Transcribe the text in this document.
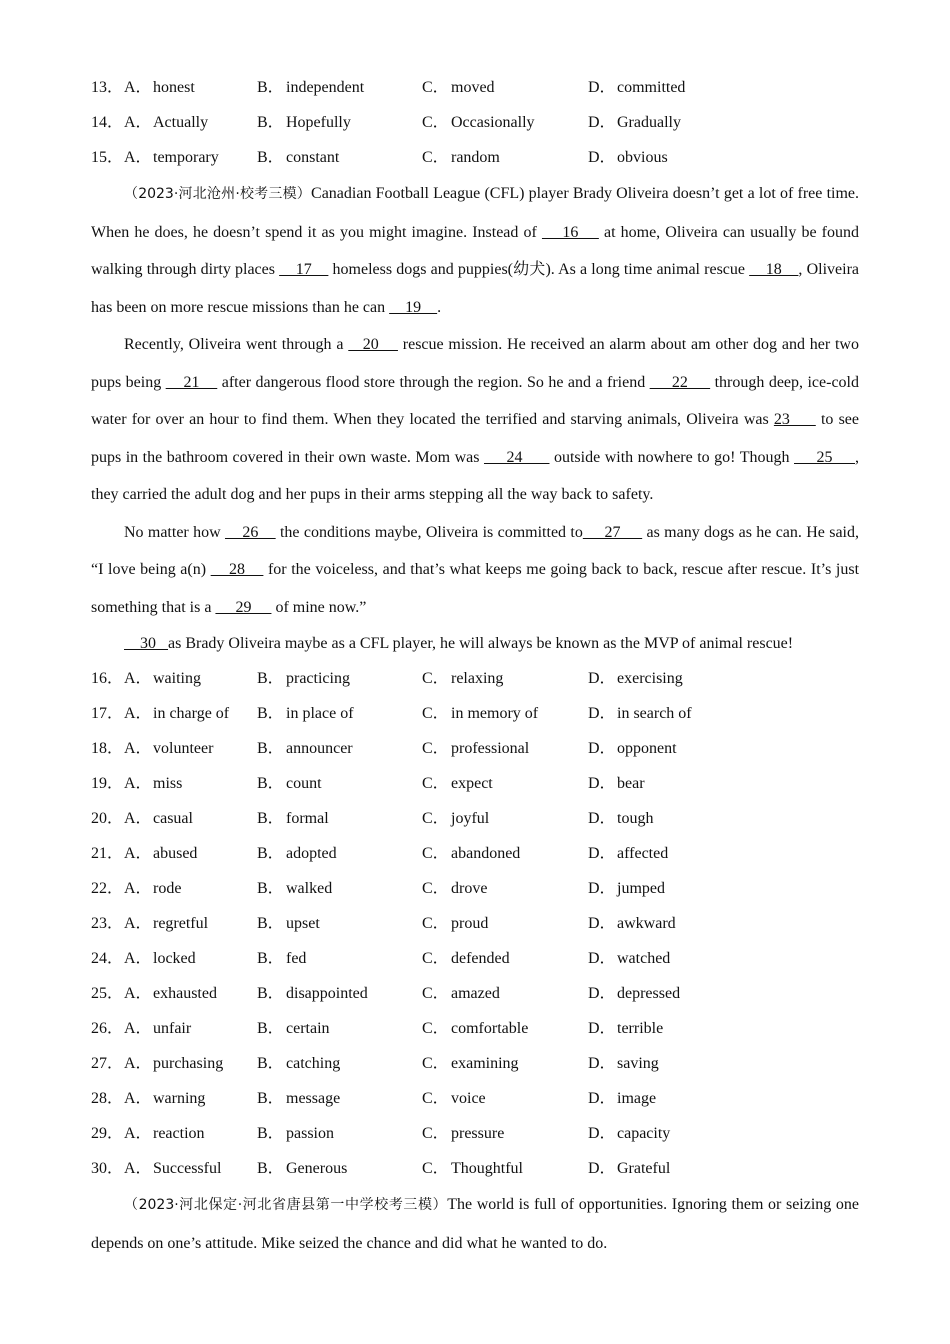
13． A．honest	B． independent	C． moved	D．committed
14． A．Actually	B． Hopefully	C． Occasionally	D．Gradually
15． A．temporary B． constant	C． random	D．obvious

（2023·河北沧州·校考三模）Canadian Football League (CFL) player Brady Oliveira doesn’t get a lot of free time. When he does, he doesn’t spend it as you might imagine. Instead of     16     at home, Oliveira can usually be found walking through dirty places     17     homeless dogs and puppies(幼犬). As a long time animal rescue     18    , Oliveira has been on more rescue missions than he can     19    .

Recently, Oliveira went through a    20     rescue mission. He received an alarm about am other dog and her two pups being     21     after dangerous flood store through the region. So he and a friend      22      through deep, ice-cold water for over an hour to find them. When they located the terrified and starving animals, Oliveira was 23      to see pups in the bathroom covered in their own waste. Mom was      24       outside with nowhere to go! Though      25     , they carried the adult dog and her pups in their arms stepping all the way back to safety.

No matter how     26     the conditions maybe, Oliveira is committed to     27      as many dogs as he can. He said, “I love being a(n)     28     for the voiceless, and that’s what keeps me going back to back, rescue after rescue. It’s just something that is a      29      of mine now.”

30   as Brady Oliveira maybe as a CFL player, he will always be known as the MVP of animal rescue!

16． A．waiting	B． practicing	C． relaxing	D．exercising
17． A．in charge of B． in place of	C． in memory of	D．in search of
18． A．volunteer	B． announcer	C． professional	D．opponent
19． A．miss	B． count	C． expect	D．bear
20． A．casual	B． formal	C． joyful	D．tough
21． A．abused	B． adopted	C． abandoned	D．affected
22． A．rode	B． walked	C． drove	D．jumped
23． A．regretful	B． upset	C． proud	D．awkward
24． A．locked	B． fed	C． defended	D．watched
25． A．exhausted	B． disappointed	C． amazed	D．depressed
26． A．unfair	B． certain	C． comfortable	D．terrible
27． A．purchasing B． catching	C． examining	D．saving
28． A．warning	B． message	C． voice	D．image
29． A．reaction	B． passion	C． pressure	D．capacity
30． A．Successful B． Generous	C． Thoughtful	D．Grateful

（2023·河北保定·河北省唐县第一中学校考三模）The world is full of opportunities. Ignoring them or seizing one depends on one’s attitude. Mike seized the chance and did what he wanted to do.
